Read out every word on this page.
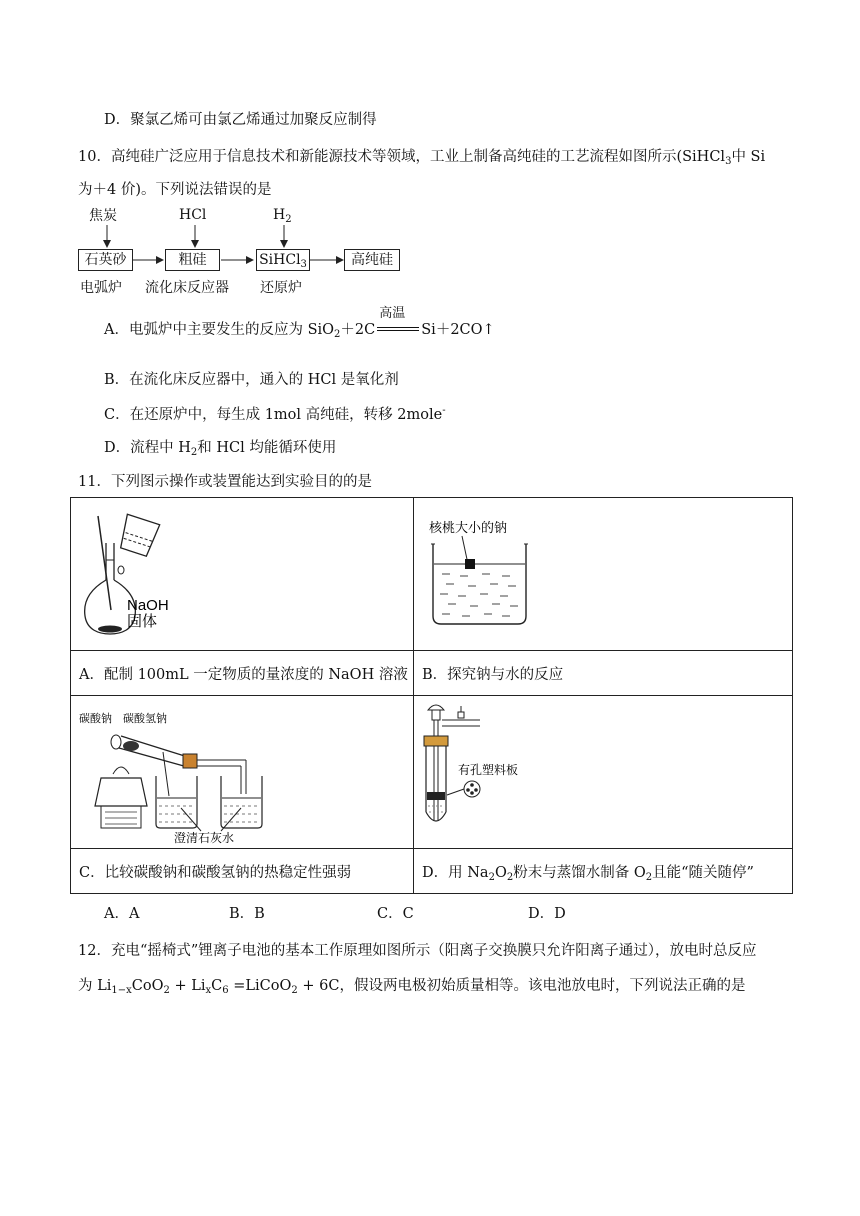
D．聚氯乙烯可由氯乙烯通过加聚反应制得
10．高纯硅广泛应用于信息技术和新能源技术等领域，工业上制备高纯硅的工艺流程如图所示(SiHCl$_3$中 Si
为＋4 价)。下列说法错误的是
焦炭	HCl	$H_2$
石英砂	粗硅	SiHCl$_3$	高纯硅
电弧炉 流化床反应器 还原炉
A．电弧炉中主要发生的反应为 SiO$_2$＋2C
高温
Si＋2CO↑
B．在流化床反应器中，通入的 HCl 是氧化剂
C．在还原炉中，每生成 1mol 高纯硅，转移 2mole-
D．流程中 $H_2$和 HCl 均能循环使用
11．下列图示操作或装置能达到实验目的的是
NaOH
固体	核桃大小的钠

A．配制 100mL 一定物质的量浓度的 NaOH 溶液	B．探究钠与水的反应

碳酸钠 碳酸氢钠
澄清石灰水	有孔塑料板

C．比较碳酸钠和碳酸氢钠的热稳定性强弱	D．用 $Na_2O_2$粉末与蒸馏水制备 $O_2$且能“随关随停”
A．A	B．B	C．C	D．D
12．充电“摇椅式”锂离子电池的基本工作原理如图所示（阳离子交换膜只允许阳离子通过），放电时总反应
为 $Li_{1-x}CoO_2 + Li_xC_6$ =LiCoO$_2$ + 6C，假设两电极初始质量相等。该电池放电时，下列说法正确的是
